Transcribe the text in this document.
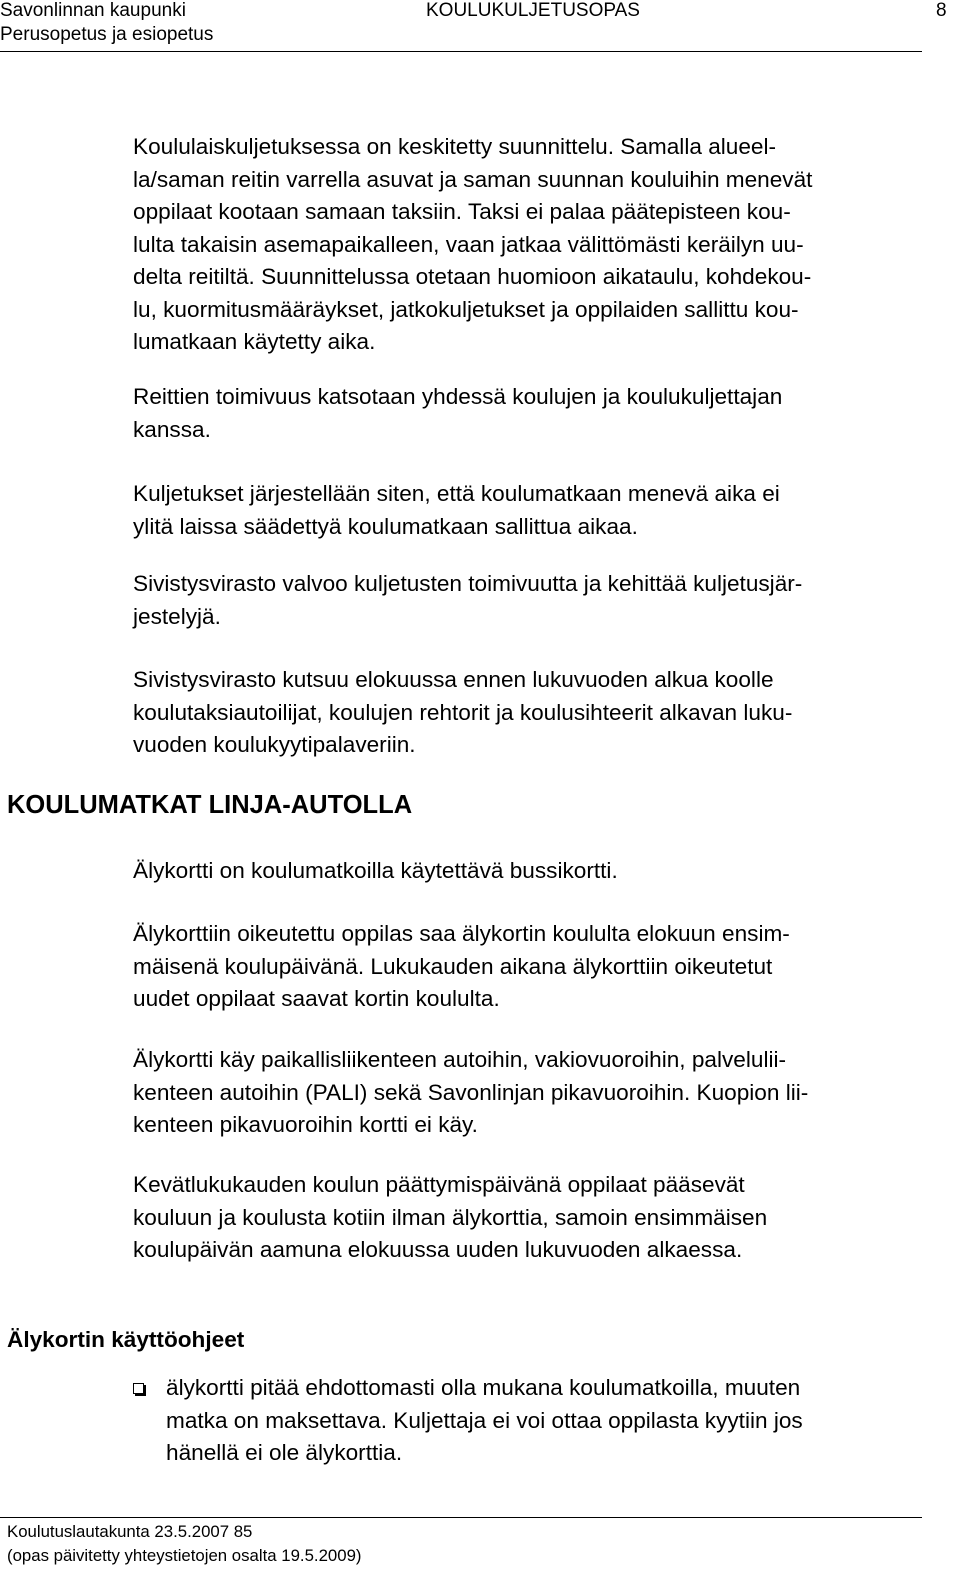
Savonlinnan kaupunki	KOULUKULJETUSOPAS	8
Perusopetus ja esiopetus
Koululaiskuljetuksessa on keskitetty suunnittelu. Samalla alueel-
la/saman reitin varrella asuvat ja saman suunnan kouluihin menevät
oppilaat kootaan samaan taksiin. Taksi ei palaa päätepisteen kou-
lulta takaisin asemapaikalleen, vaan jatkaa välittömästi keräilyn uu-
delta reitiltä. Suunnittelussa otetaan huomioon aikataulu, kohdekou-
lu, kuormitusmääräykset, jatkokuljetukset ja oppilaiden sallittu kou-
lumatkaan käytetty aika.
Reittien toimivuus katsotaan yhdessä koulujen ja koulukuljettajan
kanssa.
Kuljetukset järjestellään siten, että koulumatkaan menevä aika ei
ylitä laissa säädettyä koulumatkaan sallittua aikaa.
Sivistysvirasto valvoo kuljetusten toimivuutta ja kehittää kuljetusjär-
jestelyjä.
Sivistysvirasto kutsuu elokuussa ennen lukuvuoden alkua koolle
koulutaksiautoilijat, koulujen rehtorit ja koulusihteerit alkavan luku-
vuoden koulukyytipalaveriin.
KOULUMATKAT LINJA-AUTOLLA
Älykortti on koulumatkoilla käytettävä bussikortti.
Älykorttiin oikeutettu oppilas saa älykortin koululta elokuun ensim-
mäisenä koulupäivänä. Lukukauden aikana älykorttiin oikeutetut
uudet oppilaat saavat kortin koululta.
Älykortti käy paikallisliikenteen autoihin, vakiovuoroihin, palvelulii-
kenteen autoihin (PALI) sekä Savonlinjan pikavuoroihin. Kuopion lii-
kenteen pikavuoroihin kortti ei käy.
Kevätlukukauden koulun päättymispäivänä oppilaat pääsevät
kouluun ja koulusta kotiin ilman älykorttia, samoin ensimmäisen
koulupäivän aamuna elokuussa uuden lukuvuoden alkaessa.
Älykortin käyttöohjeet
älykortti pitää ehdottomasti olla mukana koulumatkoilla, muuten
matka on maksettava. Kuljettaja ei voi ottaa oppilasta kyytiin jos
hänellä ei ole älykorttia.
Koulutuslautakunta 23.5.2007 85
(opas päivitetty yhteystietojen osalta 19.5.2009)
